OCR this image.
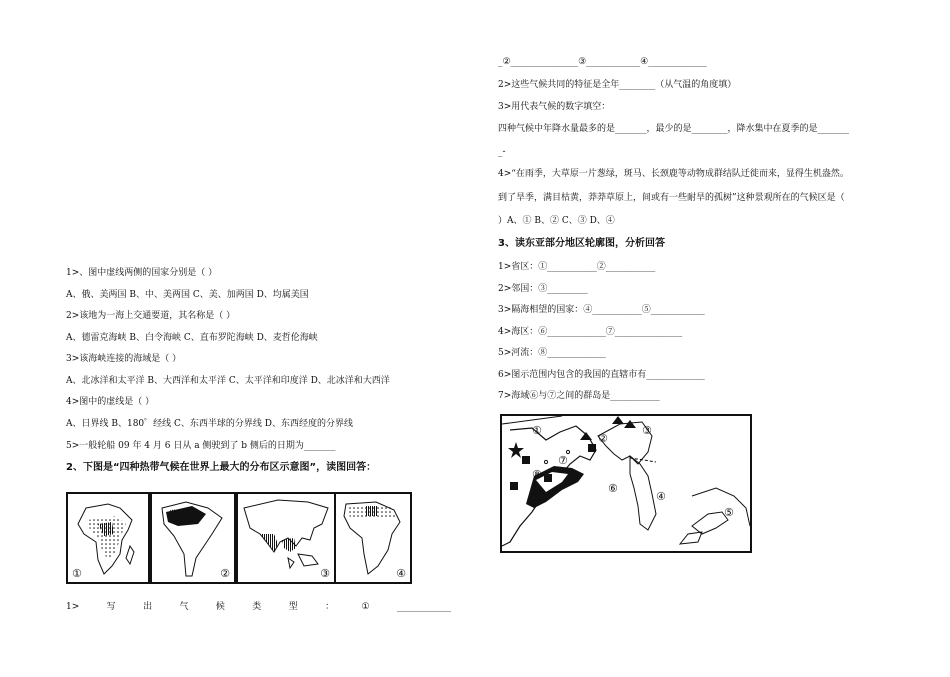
1>、图中虚线两侧的国家分别是（ ）
A、俄、美两国 B、中、美两国 C、美、加两国 D、均属美国
2>该地为一海上交通要道，其名称是（ ）
A、德雷克海峡 B、白令海峡 C、直布罗陀海峡 D、麦哲伦海峡
3>该海峡连接的海域是（ ）
A、北冰洋和太平洋 B、大西洋和太平洋 C、太平洋和印度洋 D、北冰洋和大西洋
4>图中的虚线是（ ）
A、日界线 B、180゜经线 C、东西半球的分界线 D、东西经度的分界线
5>一般轮船 09 年 4 月 6 日从 a 侧驶到了 b 侧后的日期为_______
2、下图是“四种热带气候在世界上最大的分布区示意图”，读图回答：
①	②	③	④
1>	写	出	气	候	类	型	：	①	____________
_②_______________③____________④_____________
2>这些气候共同的特征是全年________（从气温的角度填）
3>用代表气候的数字填空：
四种气候中年降水量最多的是_______，最少的是________，降水集中在夏季的是_______
_-
4>“在雨季，大草原一片葱绿，斑马、长颈鹿等动物成群结队迁徙而来，显得生机盎然。
到了旱季，满目枯黄，莽莽草原上，间或有一些耐旱的孤树”这种景观所在的气候区是（
）A、① B、② C、③ D、④
3、读东亚部分地区轮廓图，分析回答
1>省区：①___________②___________
2>邻国：③_________
3>隔海相望的国家：④___________⑤____________
4>海区：⑥_____________⑦_______________
5>河流：⑧_____________
6>图示范围内包含的我国的直辖市有_____________
7>海域⑥与⑦之间的群岛是___________
①
②
③
④
⑤
⑥
⑦
⑧
